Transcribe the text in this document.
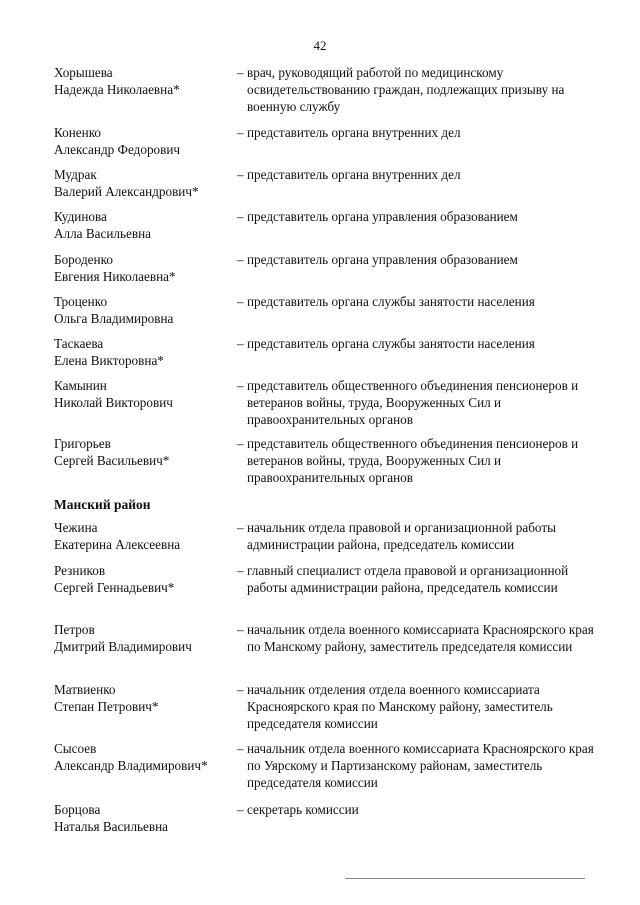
42
Хорышева
Надежда Николаевна*
– врач, руководящий работой по медицинскому освидетельствованию граждан, подлежащих призыву на военную службу
Коненко
Александр Федорович
– представитель органа внутренних дел
Мудрак
Валерий Александрович*
– представитель органа внутренних дел
Кудинова
Алла Васильевна
– представитель органа управления образованием
Бороденко
Евгения Николаевна*
– представитель органа управления образованием
Троценко
Ольга Владимировна
– представитель органа службы занятости населения
Таскаева
Елена Викторовна*
– представитель органа службы занятости населения
Камынин
Николай Викторович
– представитель общественного объединения пенсионеров и ветеранов войны, труда, Вооруженных Сил и правоохранительных органов
Григорьев
Сергей Васильевич*
– представитель общественного объединения пенсионеров и ветеранов войны, труда, Вооруженных Сил и правоохранительных органов
Манский район
Чежина
Екатерина Алексеевна
– начальник отдела правовой и организационной работы администрации района, председатель комиссии
Резников
Сергей Геннадьевич*
– главный специалист отдела правовой и организационной работы администрации района, председатель комиссии
Петров
Дмитрий Владимирович
– начальник отдела военного комиссариата Красноярского края по Манскому району, заместитель председателя комиссии
Матвиенко
Степан Петрович*
– начальник отделения отдела военного комиссариата Красноярского края по Манскому району, заместитель председателя комиссии
Сысоев
Александр Владимирович*
– начальник отдела военного комиссариата Красноярского края по Уярскому и Партизанскому районам, заместитель председателя комиссии
Борцова
Наталья Васильевна
– секретарь комиссии
